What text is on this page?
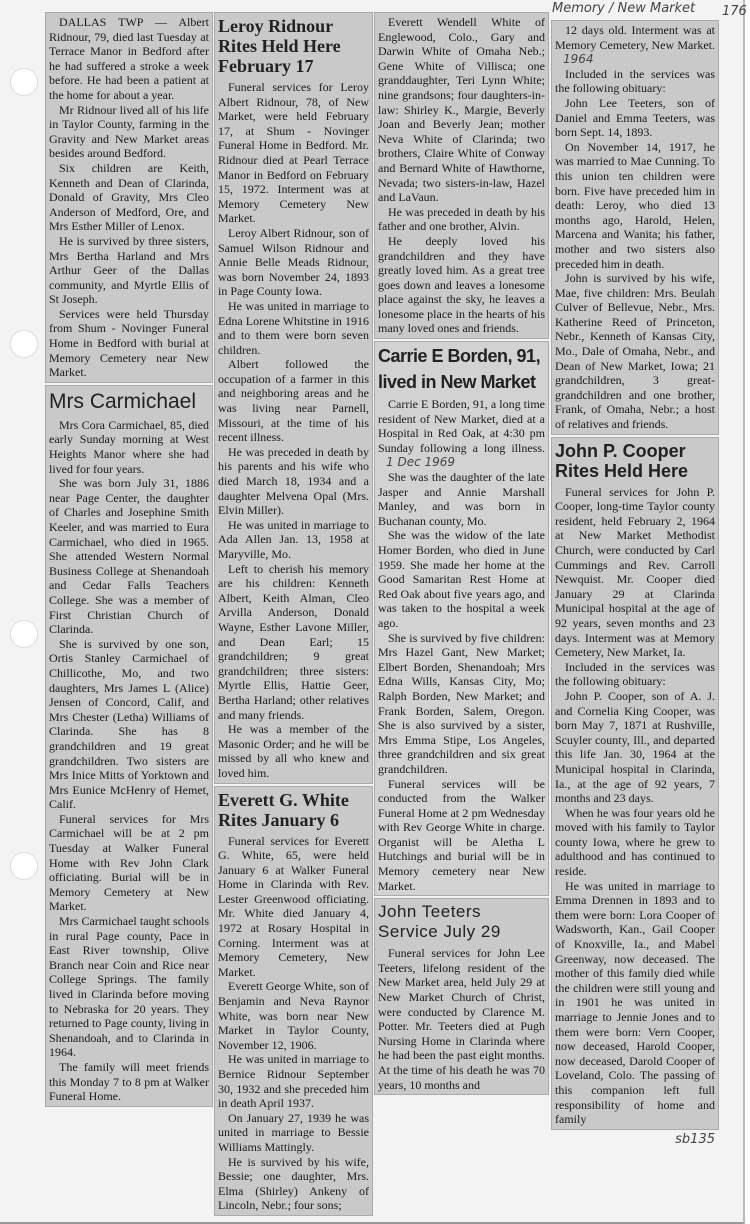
Memory / New Market 176

DALLAS TWP — Albert Ridnour, 79, died last Tuesday at Terrace Manor in Bedford after he had suffered a stroke a week before. He had been a patient at the home for about a year.

Mr Ridnour lived all of his life in Taylor County, farming in the Gravity and New Market areas besides around Bedford.

Six children are Keith, Kenneth and Dean of Clarinda, Donald of Gravity, Mrs Cleo Anderson of Medford, Ore, and Mrs Esther Miller of Lenox.

He is survived by three sisters, Mrs Bertha Harland and Mrs Arthur Geer of the Dallas community, and Myrtle Ellis of St Joseph.

Services were held Thursday from Shum - Novinger Funeral Home in Bedford with burial at Memory Cemetery near New Market.

Mrs Carmichael

Mrs Cora Carmichael, 85, died early Sunday morning at West Heights Manor where she had lived for four years.

She was born July 31, 1886 near Page Center, the daughter of Charles and Josephine Smith Keeler, and was married to Eura Carmichael, who died in 1965. She attended Western Normal Business College at Shenandoah and Cedar Falls Teachers College. She was a member of First Christian Church of Clarinda.

She is survived by one son, Ortis Stanley Carmichael of Chillicothe, Mo, and two daughters, Mrs James L (Alice) Jensen of Concord, Calif, and Mrs Chester (Letha) Williams of Clarinda. She has 8 grandchildren and 19 great grandchildren. Two sisters are Mrs Inice Mitts of Yorktown and Mrs Eunice McHenry of Hemet, Calif.

Funeral services for Mrs Carmichael will be at 2 pm Tuesday at Walker Funeral Home with Rev John Clark officiating. Burial will be in Memory Cemetery at New Market.

Mrs Carmichael taught schools in rural Page county, Pace in East River township, Olive Branch near Coin and Rice near College Springs. The family lived in Clarinda before moving to Nebraska for 20 years. They returned to Page county, living in Shenandoah, and to Clarinda in 1964.

The family will meet friends this Monday 7 to 8 pm at Walker Funeral Home.

Leroy Ridnour Rites Held Here February 17

Funeral services for Leroy Albert Ridnour, 78, of New Market, were held February 17, at Shum - Novinger Funeral Home in Bedford. Mr. Ridnour died at Pearl Terrace Manor in Bedford on February 15, 1972. Interment was at Memory Cemetery New Market.

Leroy Albert Ridnour, son of Samuel Wilson Ridnour and Annie Belle Meads Ridnour, was born November 24, 1893 in Page County Iowa.

He was united in marriage to Edna Lorene Whitstine in 1916 and to them were born seven children.

Albert followed the occupation of a farmer in this and neighboring areas and he was living near Parnell, Missouri, at the time of his recent illness.

He was preceded in death by his parents and his wife who died March 18, 1934 and a daughter Melvena Opal (Mrs. Elvin Miller).

He was united in marriage to Ada Allen Jan. 13, 1958 at Maryville, Mo.

Left to cherish his memory are his children: Kenneth Albert, Keith Alman, Cleo Arvilla Anderson, Donald Wayne, Esther Lavone Miller, and Dean Earl; 15 grandchildren; 9 great grandchildren; three sisters: Myrtle Ellis, Hattie Geer, Bertha Harland; other relatives and many friends.

He was a member of the Masonic Order; and he will be missed by all who knew and loved him.

Everett G. White Rites January 6

Funeral services for Everett G. White, 65, were held January 6 at Walker Funeral Home in Clarinda with Rev. Lester Greenwood officiating. Mr. White died January 4, 1972 at Rosary Hospital in Corning. Interment was at Memory Cemetery, New Market.

Everett George White, son of Benjamin and Neva Raynor White, was born near New Market in Taylor County, November 12, 1906.

He was united in marriage to Bernice Ridnour September 30, 1932 and she preceded him in death April 1937.

On January 27, 1939 he was united in marriage to Bessie Williams Mattingly.

He is survived by his wife, Bessie; one daughter, Mrs. Elma (Shirley) Ankeny of Lincoln, Nebr.; four sons;

Everett Wendell White of Englewood, Colo., Gary and Darwin White of Omaha Neb.; Gene White of Villisca; one granddaughter, Teri Lynn White; nine grandsons; four daughters-in-law: Shirley K., Margie, Beverly Joan and Beverly Jean; mother Neva White of Clarinda; two brothers, Claire White of Conway and Bernard White of Hawthorne, Nevada; two sisters-in-law, Hazel and LaVaun.

He was preceded in death by his father and one brother, Alvin.

He deeply loved his grandchildren and they have greatly loved him. As a great tree goes down and leaves a lonesome place against the sky, he leaves a lonesome place in the hearts of his many loved ones and friends.

Carrie E Borden, 91,
lived in New Market

Carrie E Borden, 91, a long time resident of New Market, died at a Hospital in Red Oak, at 4:30 pm Sunday following a long illness.1 Dec 1969

She was the daughter of the late Jasper and Annie Marshall Manley, and was born in Buchanan county, Mo.

She was the widow of the late Homer Borden, who died in June 1959. She made her home at the Good Samaritan Rest Home at Red Oak about five years ago, and was taken to the hospital a week ago.

She is survived by five children: Mrs Hazel Gant, New Market; Elbert Borden, Shenandoah; Mrs Edna Wills, Kansas City, Mo; Ralph Borden, New Market; and Frank Borden, Salem, Oregon. She is also survived by a sister, Mrs Emma Stipe, Los Angeles, three grandchildren and six great grandchildren.

Funeral services will be conducted from the Walker Funeral Home at 2 pm Wednesday with Rev George White in charge. Organist will be Aletha L Hutchings and burial will be in Memory cemetery near New Market.

John Teeters Service July 29

Funeral services for John Lee Teeters, lifelong resident of the New Market area, held July 29 at New Market Church of Christ, were conducted by Clarence M. Potter. Mr. Teeters died at Pugh Nursing Home in Clarinda where he had been the past eight months. At the time of his death he was 70 years, 10 months and

12 days old. Interment was at Memory Cemetery, New Market.1964

Included in the services was the following obituary:

John Lee Teeters, son of Daniel and Emma Teeters, was born Sept. 14, 1893.

On November 14, 1917, he was married to Mae Cunning. To this union ten children were born. Five have preceded him in death: Leroy, who died 13 months ago, Harold, Helen, Marcena and Wanita; his father, mother and two sisters also preceded him in death.

John is survived by his wife, Mae, five children: Mrs. Beulah Culver of Bellevue, Nebr., Mrs. Katherine Reed of Princeton, Nebr., Kenneth of Kansas City, Mo., Dale of Omaha, Nebr., and Dean of New Market, Iowa; 21 grandchildren, 3 great-grandchildren and one brother, Frank, of Omaha, Nebr.; a host of relatives and friends.

John P. Cooper Rites Held Here

Funeral services for John P. Cooper, long-time Taylor county resident, held February 2, 1964 at New Market Methodist Church, were conducted by Carl Cummings and Rev. Carroll Newquist. Mr. Cooper died January 29 at Clarinda Municipal hospital at the age of 92 years, seven months and 23 days. Interment was at Memory Cemetery, New Market, Ia.

Included in the services was the following obituary:

John P. Cooper, son of A. J. and Cornelia King Cooper, was born May 7, 1871 at Rushville, Scuyler county, Ill., and departed this life Jan. 30, 1964 at the Municipal hospital in Clarinda, Ia., at the age of 92 years, 7 months and 23 days.

When he was four years old he moved with his family to Taylor county Iowa, where he grew to adulthood and has continued to reside.

He was united in marriage to Emma Drennen in 1893 and to them were born: Lora Cooper of Wadsworth, Kan., Gail Cooper of Knoxville, Ia., and Mabel Greenway, now deceased. The mother of this family died while the children were still young and in 1901 he was united in marriage to Jennie Jones and to them were born: Vern Cooper, now deceased, Harold Cooper, now deceased, Darold Cooper of Loveland, Colo. The passing of this companion left full responsibility of home and family

sb135
